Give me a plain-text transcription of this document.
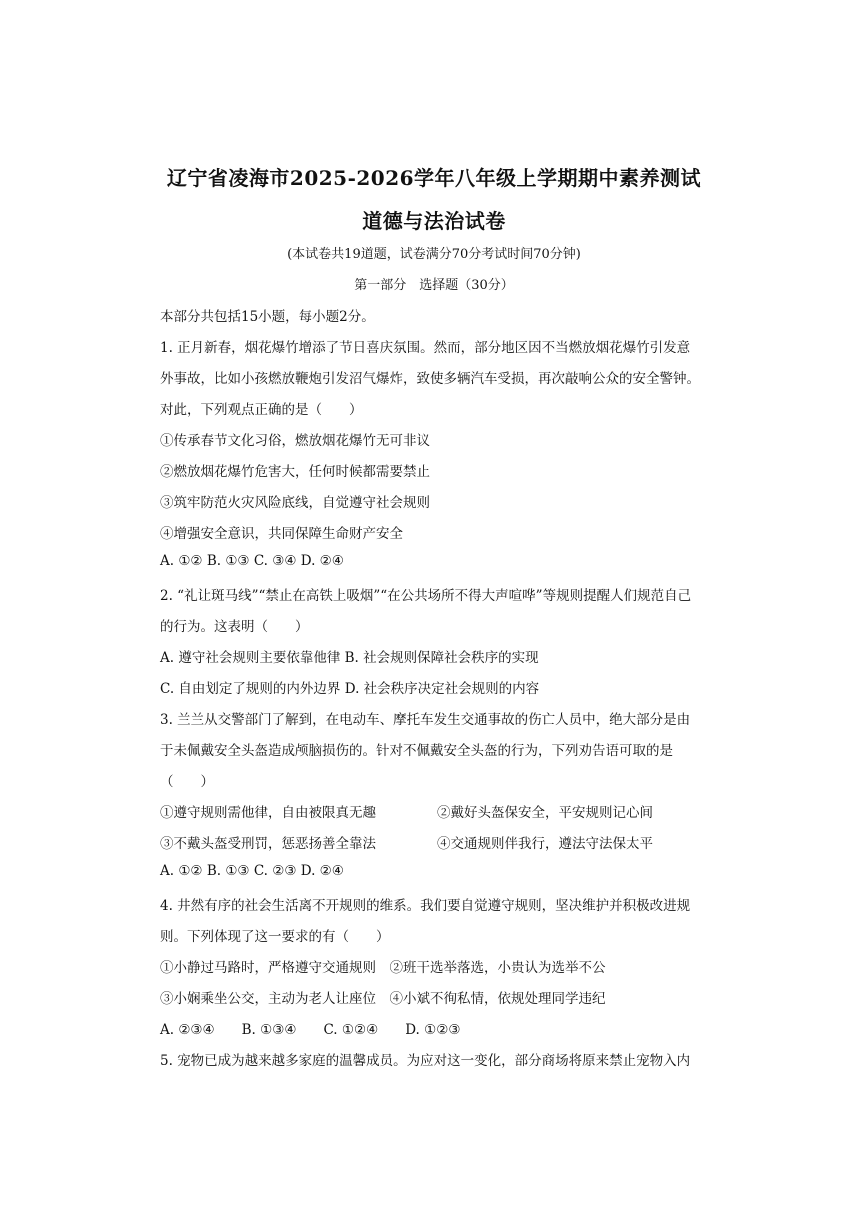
辽宁省凌海市2025-2026学年八年级上学期期中素养测试
道德与法治试卷
(本试卷共19道题，试卷满分70分考试时间70分钟)
第一部分　选择题（30分）
本部分共包括15小题，每小题2分。
1. 正月新春，烟花爆竹增添了节日喜庆氛围。然而，部分地区因不当燃放烟花爆竹引发意
外事故，比如小孩燃放鞭炮引发沼气爆炸，致使多辆汽车受损，再次敲响公众的安全警钟。
对此，下列观点正确的是（　　）
①传承春节文化习俗，燃放烟花爆竹无可非议
②燃放烟花爆竹危害大，任何时候都需要禁止
③筑牢防范火灾风险底线，自觉遵守社会规则
④增强安全意识，共同保障生命财产安全
A. ①② B. ①③ C. ③④ D. ②④
2. “礼让斑马线”“禁止在高铁上吸烟”“在公共场所不得大声喧哗”等规则提醒人们规范自己
的行为。这表明（　　）
A. 遵守社会规则主要依靠他律 B. 社会规则保障社会秩序的实现
C. 自由划定了规则的内外边界 D. 社会秩序决定社会规则的内容
3. 兰兰从交警部门了解到，在电动车、摩托车发生交通事故的伤亡人员中，绝大部分是由
于未佩戴安全头盔造成颅脑损伤的。针对不佩戴安全头盔的行为，下列劝告语可取的是
（　　）
①遵守规则需他律，自由被限真无趣	②戴好头盔保安全，平安规则记心间
③不戴头盔受刑罚，惩恶扬善全靠法	④交通规则伴我行，遵法守法保太平
A. ①② B. ①③ C. ②③ D. ②④
4. 井然有序的社会生活离不开规则的维系。我们要自觉遵守规则，坚决维护并积极改进规
则。下列体现了这一要求的有（　　）
①小静过马路时，严格遵守交通规则　②班干选举落选，小贵认为选举不公
③小娴乘坐公交，主动为老人让座位　④小斌不徇私情，依规处理同学违纪
A. ②③④　　B. ①③④　　C. ①②④　　D. ①②③
5. 宠物已成为越来越多家庭的温馨成员。为应对这一变化，部分商场将原来禁止宠物入内
